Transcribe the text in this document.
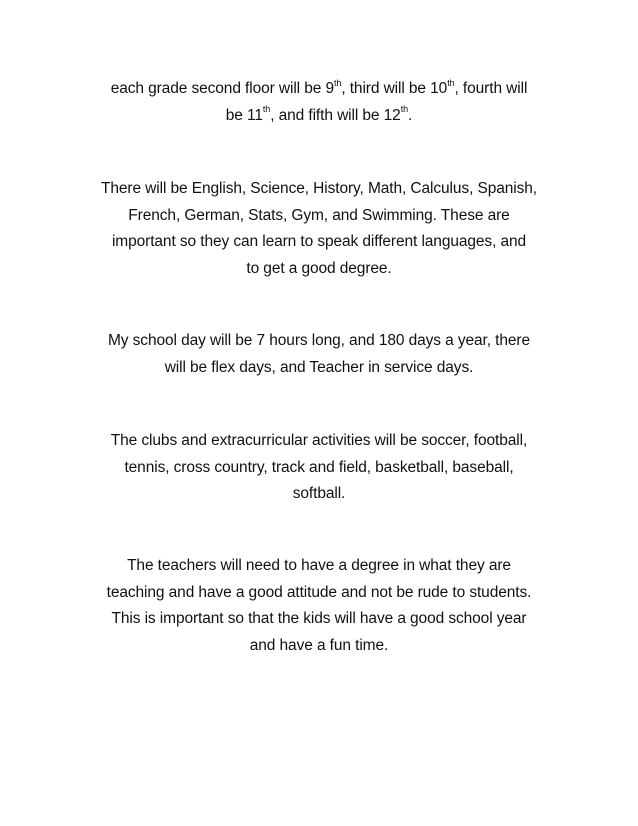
each grade second floor will be 9th, third will be 10th, fourth will
be 11th, and fifth will be 12th.

There will be English, Science, History, Math, Calculus, Spanish,
French, German, Stats, Gym, and Swimming. These are
important so they can learn to speak different languages, and
to get a good degree.

My school day will be 7 hours long, and 180 days a year, there
will be flex days, and Teacher in service days.

The clubs and extracurricular activities will be soccer, football,
tennis, cross country, track and field, basketball, baseball,
softball.

The teachers will need to have a degree in what they are
teaching and have a good attitude and not be rude to students.
This is important so that the kids will have a good school year
and have a fun time.
